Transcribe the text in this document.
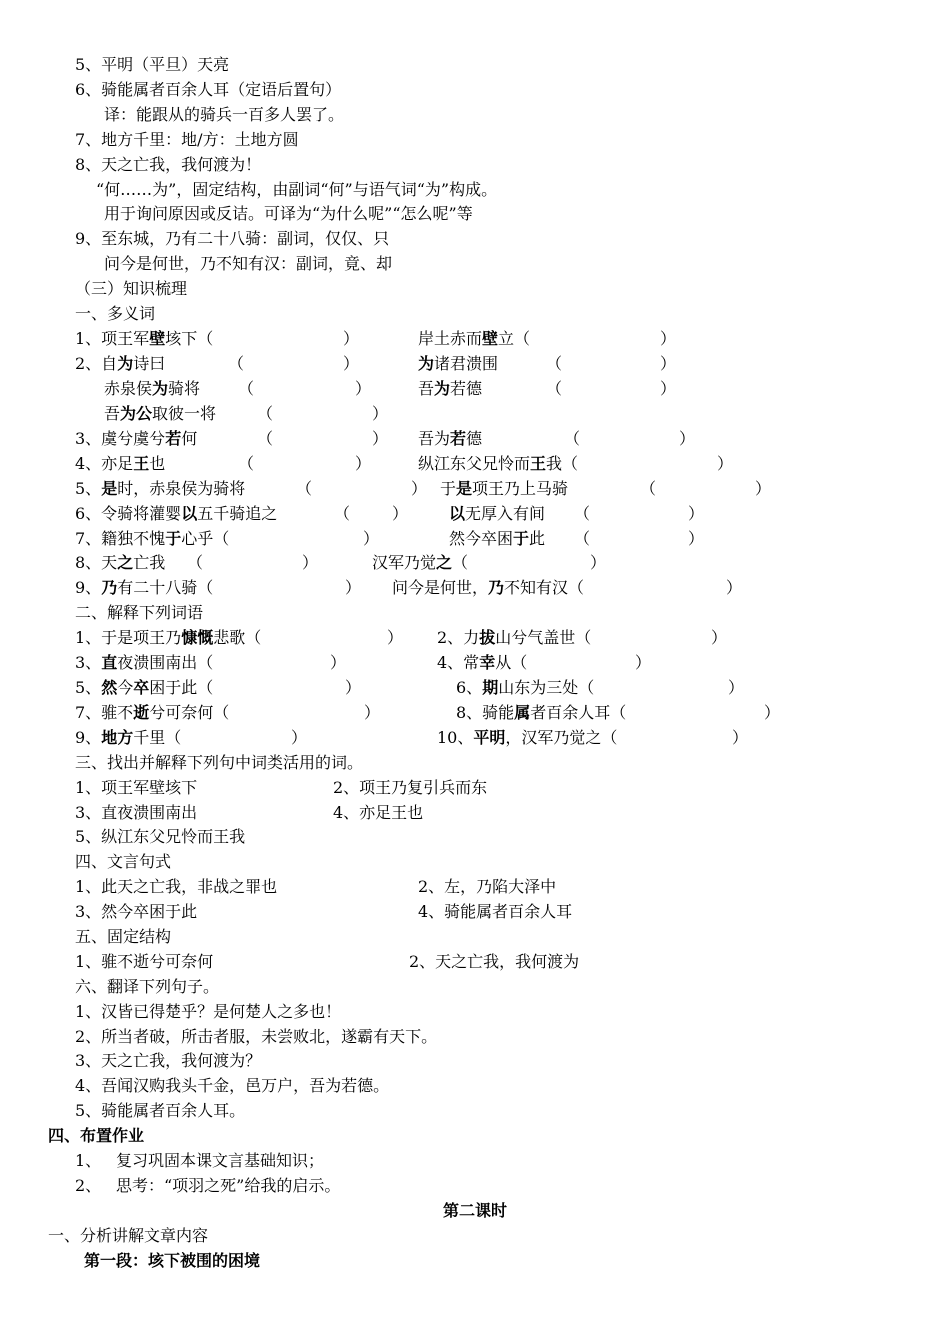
5、平明（平旦）天亮
6、骑能属者百余人耳（定语后置句）
译：能跟从的骑兵一百多人罢了。
7、地方千里：地/方：土地方圆
8、天之亡我，我何渡为！
“何……为”，固定结构，由副词“何”与语气词“为”构成。
用于询问原因或反诘。可译为“为什么呢”“怎么呢”等
9、至东城，乃有二十八骑：副词，仅仅、只
问今是何世，乃不知有汉：副词，竟、却
（三）知识梳理
一、多义词
1、项王军壁垓下（	）	岸土赤而壁立（	）
2、自为诗曰	（	）	为诸君溃围	（	）
赤泉侯为骑将 （	）	吾为若德	（	）
吾为公取彼一将	（	）
3、虞兮虞兮若何	（	） 吾为若德	（	）
4、亦足王也	（	）	纵江东父兄怜而王我（	）
5、是时，赤泉侯为骑将	（	） 于是项王乃上马骑	（	）
6、令骑将灌婴以五千骑追之	（	）	以无厚入有间 （	）
7、籍独不愧于心乎（	）	然今卒困于此 （	）
8、天之亡我 （	）	汉军乃觉之（	）
9、乃有二十八骑（	） 问今是何世，乃不知有汉（	）
二、解释下列词语
1、于是项王乃慷慨悲歌（	） 2、力拔山兮气盖世（	）
3、直夜溃围南出（	）	4、常幸从（	）
5、然今卒困于此（	）	6、期山东为三处（	）
7、骓不逝兮可奈何（	）	8、骑能属者百余人耳（	）
9、地方千里（	）	10、平明，汉军乃觉之（	）
三、找出并解释下列句中词类活用的词。
1、项王军壁垓下	2、项王乃复引兵而东
3、直夜溃围南出	4、亦足王也
5、纵江东父兄怜而王我
四、文言句式
1、此天之亡我，非战之罪也	2、左，乃陷大泽中
3、然今卒困于此	4、骑能属者百余人耳
五、固定结构
1、骓不逝兮可奈何	2、天之亡我，我何渡为
六、翻译下列句子。
1、汉皆已得楚乎？是何楚人之多也！
2、所当者破，所击者服，未尝败北，遂霸有天下。
3、天之亡我，我何渡为？
4、吾闻汉购我头千金，邑万户，吾为若德。
5、骑能属者百余人耳。
四、布置作业
1、 复习巩固本课文言基础知识；
2、 思考：“项羽之死”给我的启示。
第二课时
一、分析讲解文章内容
第一段：垓下被围的困境
